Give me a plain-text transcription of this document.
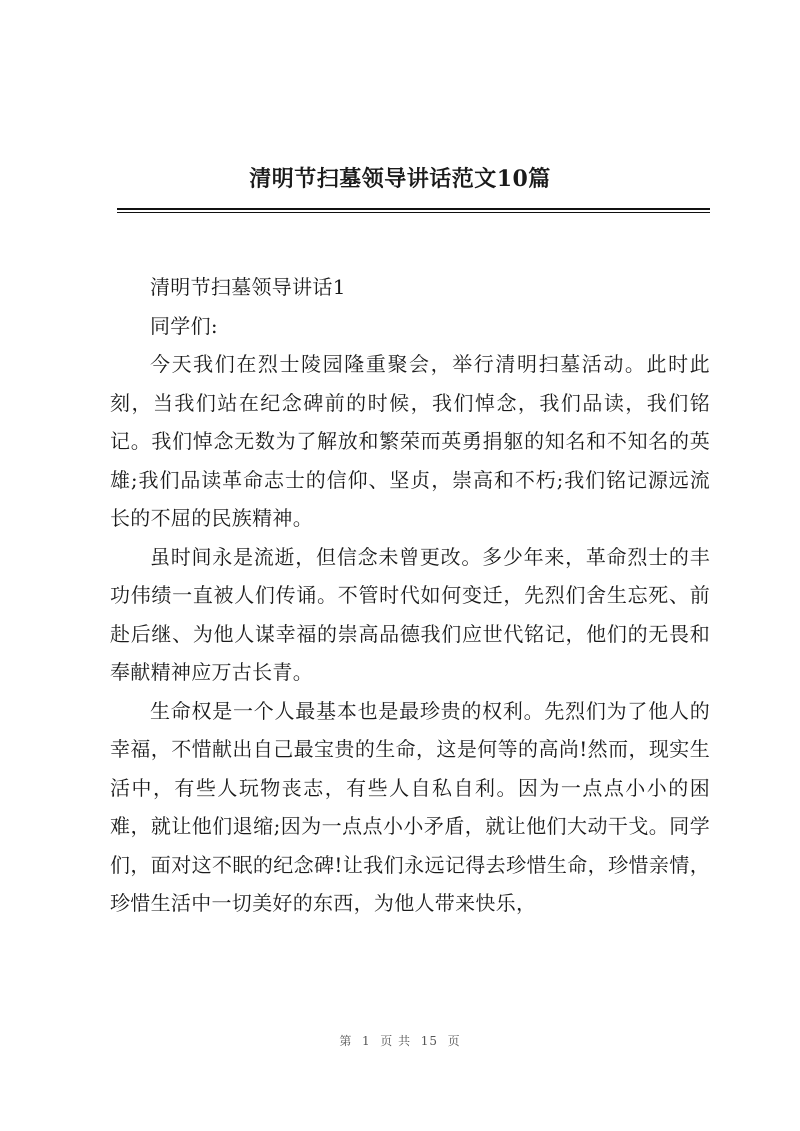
清明节扫墓领导讲话范文10篇

清明节扫墓领导讲话1

同学们:

今天我们在烈士陵园隆重聚会，举行清明扫墓活动。此时此刻，当我们站在纪念碑前的时候，我们悼念，我们品读，我们铭记。我们悼念无数为了解放和繁荣而英勇捐躯的知名和不知名的英雄;我们品读革命志士的信仰、坚贞，崇高和不朽;我们铭记源远流长的不屈的民族精神。

虽时间永是流逝，但信念未曾更改。多少年来，革命烈士的丰功伟绩一直被人们传诵。不管时代如何变迁，先烈们舍生忘死、前赴后继、为他人谋幸福的崇高品德我们应世代铭记，他们的无畏和奉献精神应万古长青。

生命权是一个人最基本也是最珍贵的权利。先烈们为了他人的幸福，不惜献出自己最宝贵的生命，这是何等的高尚!然而，现实生活中，有些人玩物丧志，有些人自私自利。因为一点点小小的困难，就让他们退缩;因为一点点小小矛盾，就让他们大动干戈。同学们，面对这不眠的纪念碑!让我们永远记得去珍惜生命，珍惜亲情，珍惜生活中一切美好的东西，为他人带来快乐，

第  1  页 共  15  页
